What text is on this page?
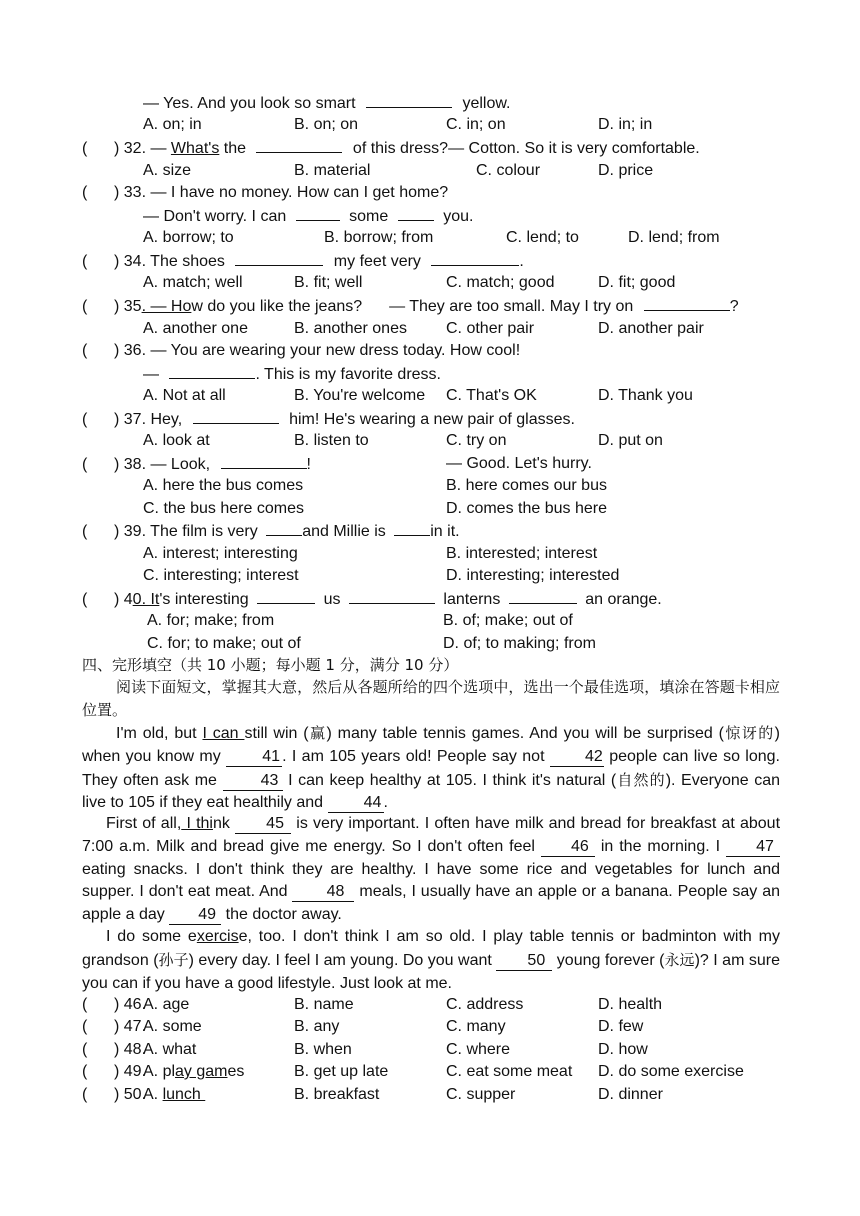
— Yes. And you look so smart	yellow.
A. on; in	B. on; on	C. in; on	D. in; in
(      ) 32. — What's the	of this dress?— Cotton. So it is very comfortable.
A. size	B. material	C. colour	D. price
(      ) 33. — I have no money. How can I get home?
— Don't worry. I can	some	you.
A. borrow; to	B. borrow; from	C. lend; to	D. lend; from
(      ) 34. The shoes	my feet very	.
A. match; well	B. fit; well	C. match; good	D. fit; good
(      ) 35. — How do you like the jeans? — They are too small. May I try on	?
A. another one	B. another ones C. other pair	D. another pair
(      ) 36. — You are wearing your new dress today. How cool!
—	. This is my favorite dress.
A. Not at all	B. You're welcome C. That's OK	D. Thank you
(      ) 37. Hey,	him! He's wearing a new pair of glasses.
A. look at	B. listen to	C. try on	D. put on
(      ) 38. — Look,	!	— Good. Let's hurry.
A. here the bus comes	B. here comes our bus
C. the bus here comes	D. comes the bus here
(      ) 39. The film is very	and Millie is	in it.
A. interest; interesting	B. interested; interest
C. interesting; interest	D. interesting; interested
(      ) 40. It's interesting	us	lanterns	an orange.
A. for; make; from	B. of; make; out of
C. for; to make; out of	D. of; to making; from
四、完形填空（共 10 小题；每小题 1 分，满分 10 分）
阅读下面短文，掌握其大意，然后从各题所给的四个选项中，选出一个最佳选项，填涂在答题卡相应位置。
I'm old, but I can still win (赢) many table tennis games. And you will be surprised (惊讶的) when you know my 41 . I am 105 years old! People say not 42 people can live so long. They often ask me 43 I can keep healthy at 105. I think it's natural (自然的). Everyone can live to 105 if they eat healthily and 44 .
First of all, I think 45 is very important. I often have milk and bread for breakfast at about 7:00 a.m. Milk and bread give me energy. So I don't often feel 46 in the morning. I 47 eating snacks. I don't think they are healthy. I have some rice and vegetables for lunch and supper. I don't eat meat. And 48 meals, I usually have an apple or a banana. People say an apple a day 49 the doctor away.
I do some exercise, too. I don't think I am so old. I play table tennis or badminton with my grandson (孙子) every day. I feel I am young. Do you want 50 young forever (永远)? I am sure you can if you have a good lifestyle. Just look at me.
(      ) 46.
A. age	B. name	C. address	D. health
(      ) 47.
A. some	B. any	C. many	D. few
(      ) 48.
A. what	B. when	C. where	D. how
(      ) 49.
A. play games	B. get up late	C. eat some meat D. do some exercise
(      ) 50.
A. lunch	B. breakfast	C. supper	D. dinner
